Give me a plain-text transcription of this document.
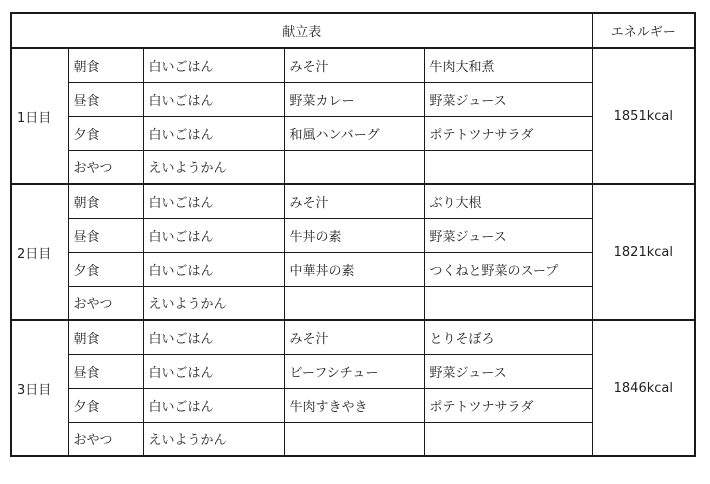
献立表					エネルギー
1日目	朝食	白いごはん	みそ汁	牛肉大和煮	1851kcal
	昼食	白いごはん	野菜カレー	野菜ジュース	
	夕食	白いごはん	和風ハンバーグ	ポテトツナサラダ	
	おやつ	えいようかん			
2日目	朝食	白いごはん	みそ汁	ぶり大根	1821kcal
	昼食	白いごはん	牛丼の素	野菜ジュース	
	夕食	白いごはん	中華丼の素	つくねと野菜のスープ	
	おやつ	えいようかん			
3日目	朝食	白いごはん	みそ汁	とりそぼろ	1846kcal
	昼食	白いごはん	ビーフシチュー	野菜ジュース	
	夕食	白いごはん	牛肉すきやき	ポテトツナサラダ	
	おやつ	えいようかん			
